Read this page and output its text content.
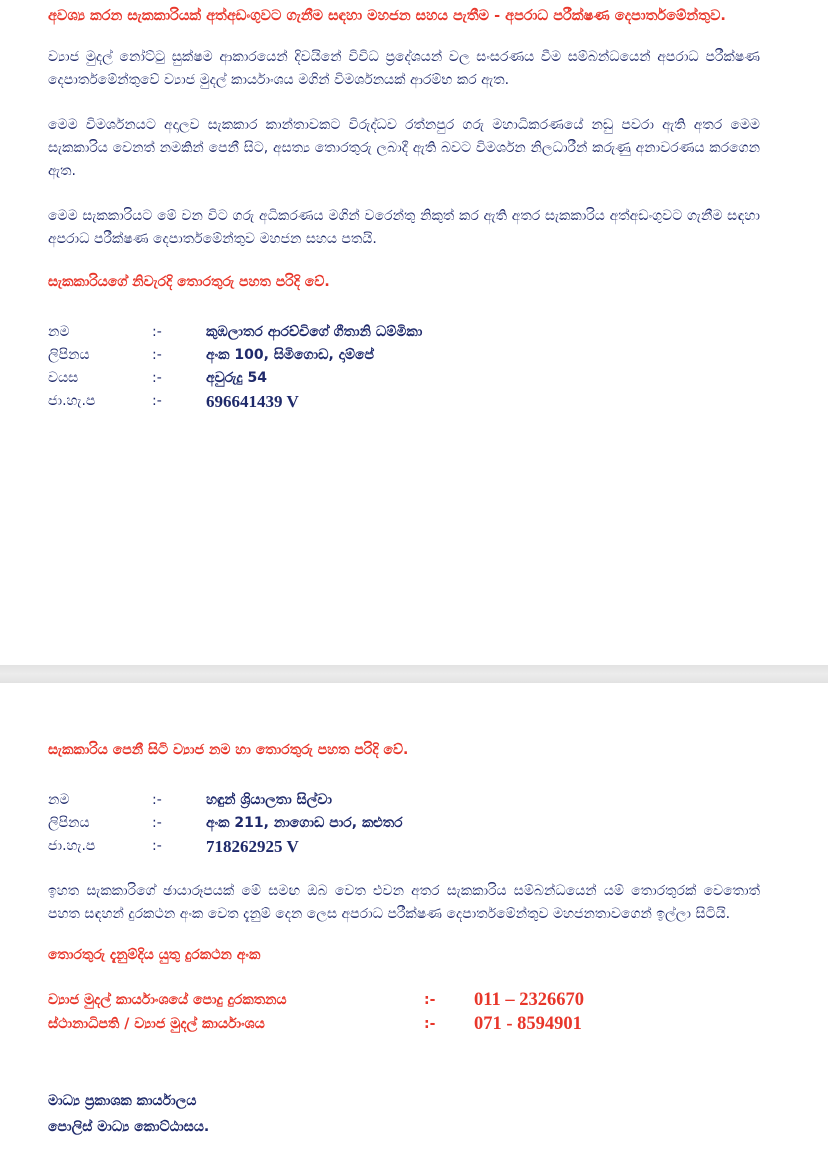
අවශ්‍ය කරන සැකකාරියක් අත්අඩංගුවට ගැනීම සඳහා මහජන සහය පැතීම - අපරාධ පරීක්ෂණ දෙපාර්තමේන්තුව.

ව්‍යාජ මුදල් නෝට්ටු සුක්ෂම ආකාරයෙන් දිවයිනේ විවිධ ප්‍රදේශයන් වල සංසරණය වීම සම්බන්ධයෙන් අපරාධ පරීක්ෂණ දෙපාර්තමේන්තුවේ ව්‍යාජ මුදල් කාර්යාංශය මගින් විමර්ශනයක් ආරම්භ කර ඇත.

මෙම විමර්ශනයට අදාලව සැකකාර කාන්තාවකට විරුද්ධව රත්නපුර ගරු මහාධිකරණයේ නඩු පවරා ඇති අතර මෙම සැකකාරිය වෙනත් නමකින් පෙනී සිට, අසත්‍ය තොරතුරු ලබාදී ඇති බවට විමර්ශන නිලධාරීන් කරුණු අනාවරණය කරගෙන ඇත.

මෙම සැකකාරියට මේ වන විට ගරු අධිකරණය මගින් වරෙන්තු නිකුත් කර ඇති අතර සැකකාරිය අත්අඩංගුවට ගැනීම සඳහා අපරාධ පරීක්ෂණ දෙපාර්තමේන්තුව මහජන සහය පතයි.

සැකකාරියගේ නිවැරදි තොරතුරු පහත පරිදි වේ.

නම	:-	කුඹලාතර ආරච්චිගේ ගීතානි ධම්මිකා
ලිපිනය	:-	අංක 100, සිමිගොඩ, දාම්පේ
වයස	:-	අවුරුදු 54
ජා.හැ.ප	:-	696641439 V

සැකකාරිය පෙනී සිටි ව්‍යාජ නම හා තොරතුරු පහත පරිදි වේ.

නම	:-	හඳුන් ශ්‍රියාලතා සිල්වා
ලිපිනය	:-	අංක 211, නාගොඩ පාර, කළුතර
ජා.හැ.ප	:-	718262925 V

ඉහත සැකකාරිගේ ඡායාරූපයක් මේ සමඟ ඔබ වෙත එවන අතර සැකකාරිය සම්බන්ධයෙන් යම් තොරතුරක් වෙතොත් පහත සඳහන් දුරකථන අංක වෙත දැනුම් දෙන ලෙස අපරාධ පරීක්ෂණ දෙපාර්තමේන්තුව මහජනතාවගෙන් ඉල්ලා සිටියි.

තොරතුරු දැනුම්දිය යුතු දුරකථන අංක

ව්‍යාජ මුදල් කාර්යාංශයේ පොදු දුරකතනය	:-	011 – 2326670
ස්ථානාධිපති / ව්‍යාජ මුදල් කාර්යාංශය	:-	071 - 8594901
මාධ්‍ය ප්‍රකාශක කාර්යාලය
පොලිස් මාධ්‍ය කොට්ඨාසය.
